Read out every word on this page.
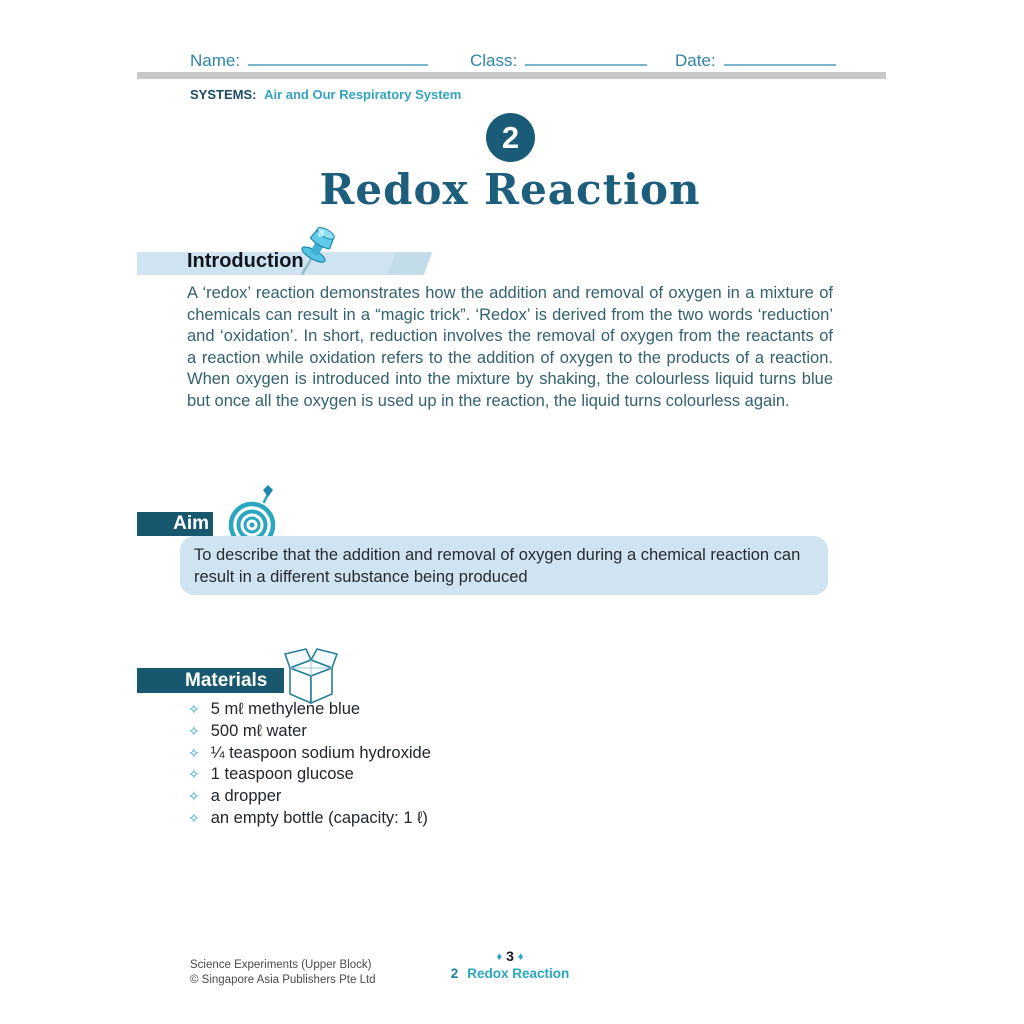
Name:	Class:	Date:
SYSTEMS: Air and Our Respiratory System
2
Redox Reaction
Introduction
A ‘redox’ reaction demonstrates how the addition and removal of oxygen in a mixture of chemicals can result in a “magic trick”. ‘Redox’ is derived from the two words ‘reduction’ and ‘oxidation’. In short, reduction involves the removal of oxygen from the reactants of a reaction while oxidation refers to the addition of oxygen to the products of a reaction. When oxygen is introduced into the mixture by shaking, the colourless liquid turns blue but once all the oxygen is used up in the reaction, the liquid turns colourless again.
Aim
To describe that the addition and removal of oxygen during a chemical reaction can result in a different substance being produced
Materials
✧ 5 mℓ methylene blue
✧ 500 mℓ water
✧ ¼ teaspoon sodium hydroxide
✧ 1 teaspoon glucose
✧ a dropper
✧ an empty bottle (capacity: 1 ℓ)
Science Experiments (Upper Block)
© Singapore Asia Publishers Pte Ltd
♦ 3 ♦
2 Redox Reaction
